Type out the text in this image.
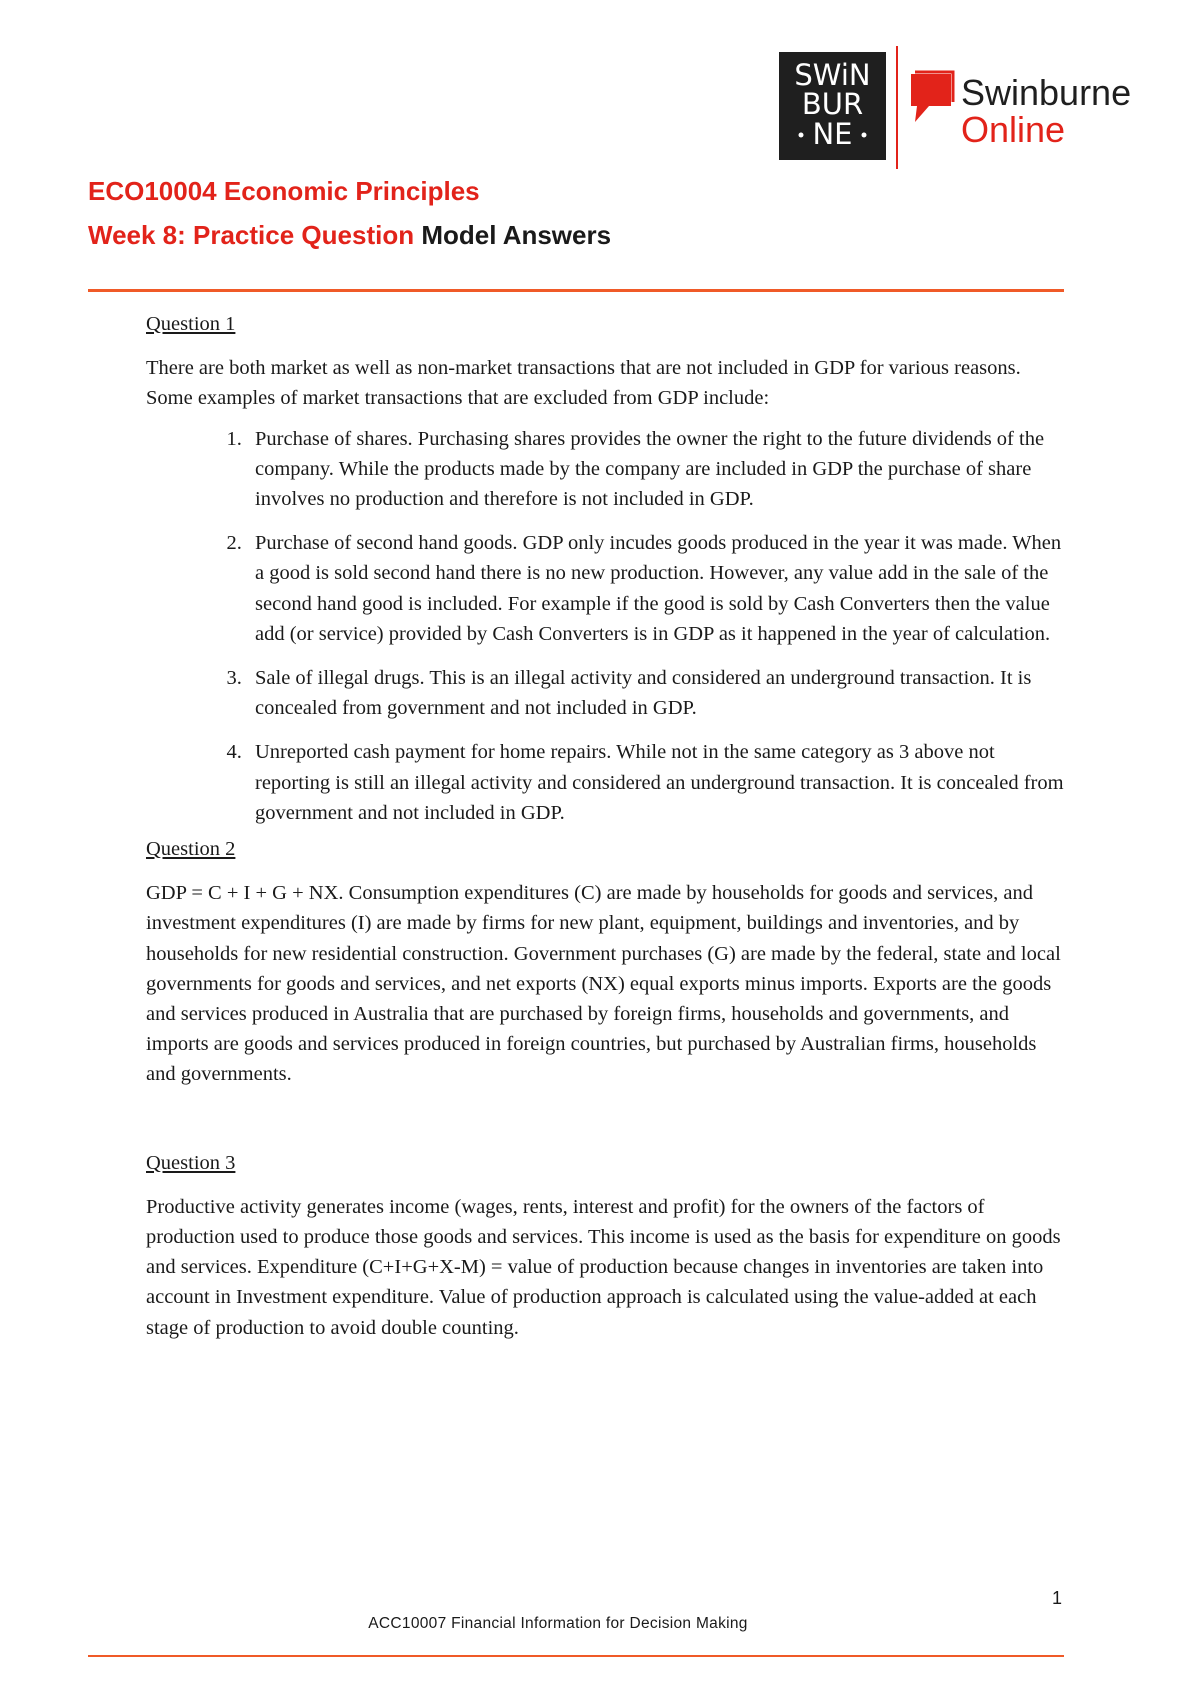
SWiN
BUR
NE
Swinburne
Online
ECO10004 Economic Principles
Week 8: Practice Question Model Answers

Question 1

There are both market as well as non-market transactions that are not included in GDP for various reasons. Some examples of market transactions that are excluded from GDP include:

1. Purchase of shares. Purchasing shares provides the owner the right to the future dividends of the company. While the products made by the company are included in GDP the purchase of share involves no production and therefore is not included in GDP.
2. Purchase of second hand goods. GDP only incudes goods produced in the year it was made. When a good is sold second hand there is no new production. However, any value add in the sale of the second hand good is included. For example if the good is sold by Cash Converters then the value add (or service) provided by Cash Converters is in GDP as it happened in the year of calculation.
3. Sale of illegal drugs. This is an illegal activity and considered an underground transaction. It is concealed from government and not included in GDP.
4. Unreported cash payment for home repairs. While not in the same category as 3 above not reporting is still an illegal activity and considered an underground transaction. It is concealed from government and not included in GDP.

Question 2

GDP = C + I + G + NX. Consumption expenditures (C) are made by households for goods and services, and investment expenditures (I) are made by firms for new plant, equipment, buildings and inventories, and by households for new residential construction. Government purchases (G) are made by the federal, state and local governments for goods and services, and net exports (NX) equal exports minus imports. Exports are the goods and services produced in Australia that are purchased by foreign firms, households and governments, and imports are goods and services produced in foreign countries, but purchased by Australian firms, households and governments.

Question 3

Productive activity generates income (wages, rents, interest and profit) for the owners of the factors of production used to produce those goods and services. This income is used as the basis for expenditure on goods and services. Expenditure (C+I+G+X-M) = value of production because changes in inventories are taken into account in Investment expenditure. Value of production approach is calculated using the value-added at each stage of production to avoid double counting.

1
ACC10007 Financial Information for Decision Making
